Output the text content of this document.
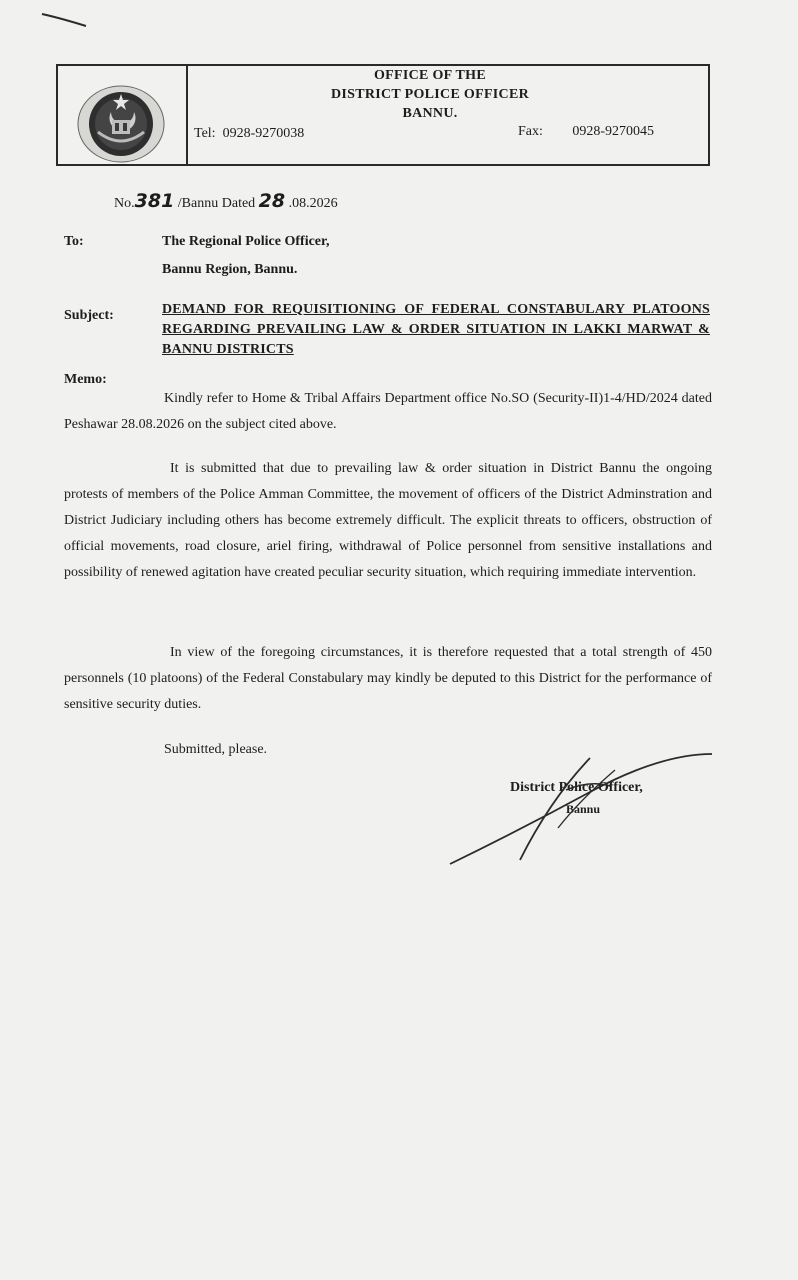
OFFICE OF THE
DISTRICT POLICE OFFICER
BANNU.
Tel: 0928-9270038	Fax: 0928-9270045
No.381 /Bannu Dated 28 .08.2026
To:	The Regional Police Officer,
Bannu Region, Bannu.
Subject:	DEMAND FOR REQUISITIONING OF FEDERAL CONSTABULARY PLATOONS REGARDING PREVAILING LAW & ORDER SITUATION IN LAKKI MARWAT & BANNU DISTRICTS
Memo:
Kindly refer to Home & Tribal Affairs Department office No.SO (Security-II)1-4/HD/2024 dated Peshawar 28.08.2026 on the subject cited above.
It is submitted that due to prevailing law & order situation in District Bannu the ongoing protests of members of the Police Amman Committee, the movement of officers of the District Adminstration and District Judiciary including others has become extremely difficult. The explicit threats to officers, obstruction of official movements, road closure, ariel firing, withdrawal of Police personnel from sensitive installations and possibility of renewed agitation have created peculiar security situation, which requiring immediate intervention.
In view of the foregoing circumstances, it is therefore requested that a total strength of 450 personnels (10 platoons) of the Federal Constabulary may kindly be deputed to this District for the performance of sensitive security duties.
Submitted, please.
District Police Officer,
Bannu
